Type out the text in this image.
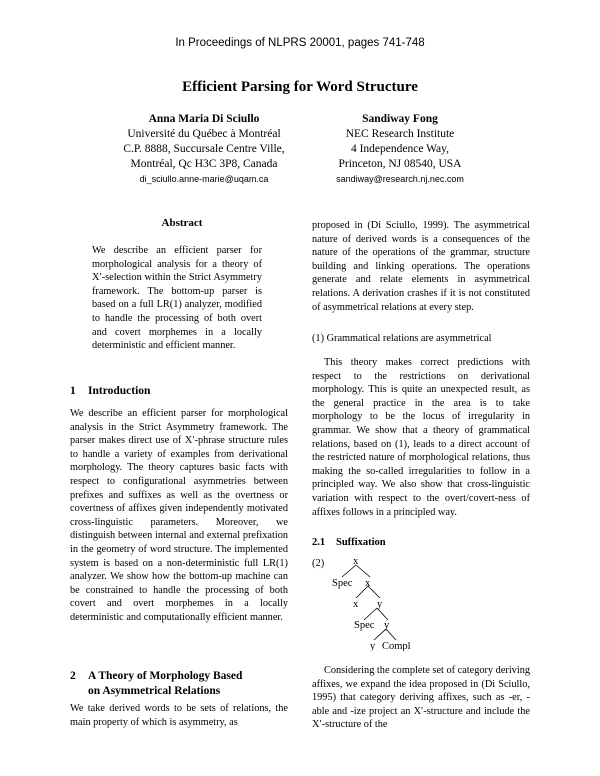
In Proceedings of NLPRS 20001, pages 741-748
Efficient Parsing for Word Structure
Anna Maria Di Sciullo
Université du Québec à Montréal
C.P. 8888, Succursale Centre Ville,
Montréal, Qc H3C 3P8, Canada
di_sciullo.anne-marie@uqam.ca
Sandiway Fong
NEC Research Institute
4 Independence Way,
Princeton, NJ 08540, USA
sandiway@research.nj.nec.com
Abstract

We describe an efficient parser for morphological analysis for a theory of X′-selection within the Strict Asymmetry framework. The bottom-up parser is based on a full LR(1) analyzer, modified to handle the processing of both overt and covert morphemes in a locally deterministic and efficient manner.

1 Introduction

We describe an efficient parser for morphological analysis in the Strict Asymmetry framework. The parser makes direct use of X′-phrase structure rules to handle a variety of examples from derivational morphology. The theory captures basic facts with respect to configurational asymmetries between prefixes and suffixes as well as the overtness or covertness of affixes given independently motivated cross-linguistic parameters. Moreover, we distinguish between internal and external prefixation in the geometry of word structure. The implemented system is based on a non-deterministic full LR(1) analyzer. We show how the bottom-up machine can be constrained to handle the processing of both covert and overt morphemes in a locally deterministic and computationally efficient manner.

2 A Theory of Morphology Based
on Asymmetrical Relations

We take derived words to be sets of relations, the main property of which is asymmetry, as

proposed in (Di Sciullo, 1999). The asymmetrical nature of derived words is a consequences of the nature of the operations of the grammar, structure building and linking operations. The operations generate and relate elements in asymmetrical relations. A derivation crashes if it is not constituted of asymmetrical relations at every step.

(1) Grammatical relations are asymmetrical

This theory makes correct predictions with respect to the restrictions on derivational morphology. This is quite an unexpected result, as the general practice in the area is to take morphology to be the locus of irregularity in grammar. We show that a theory of grammatical relations, based on (1), leads to a direct account of the restricted nature of morphological relations, thus making the so-called irregularities to follow in a principled way. We also show that cross-linguistic variation with respect to the overt/covert-ness of affixes follows in a principled way.

2.1 Suffixation
(2)	x
Spec x
x y
Spec y
y Compl

Considering the complete set of category deriving affixes, we expand the idea proposed in (Di Sciullo, 1995) that category deriving affixes, such as -er, -able and -ize project an X′-structure and include the X′-structure of the
